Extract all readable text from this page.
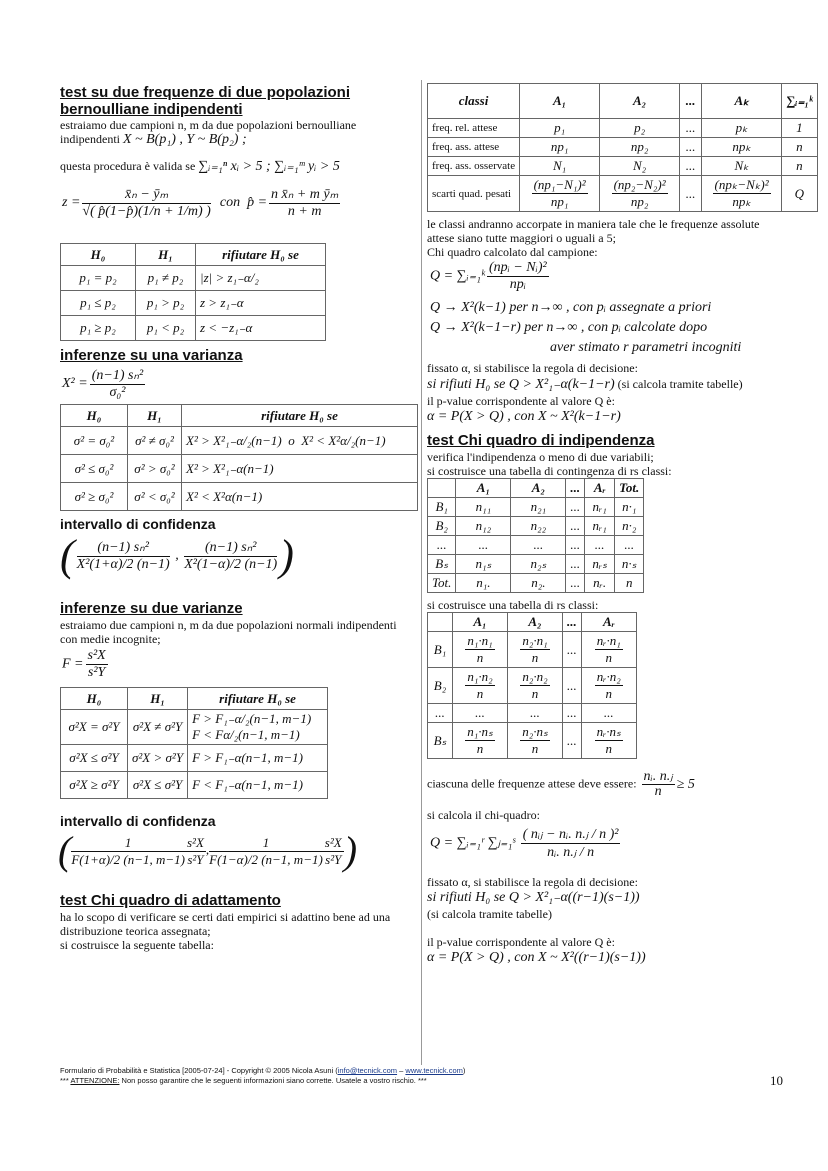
test su due frequenze di due popolazioni bernoulliane indipendenti
estraiamo due campioni n, m da due popolazioni bernoulliane
indipendenti X ~ B(p₁) , Y ~ B(p₂) ;
questa procedura è valida se ∑ᵢ₌₁ⁿ xᵢ > 5 ; ∑ᵢ₌₁ᵐ yᵢ > 5
$z = \frac{\text{x̄ₙ − ȳₘ}}{√( p̂(1-p̂)(1/n + 1/m) )}$ con p̂ = $\frac{\text{n x̄ₙ + m ȳₘ}}{n + m}$
H₀	H₁	rifiutare H₀ se
p₁ = p₂	p₁ ≠ p₂	|z| > z₁₋α/₂
p₁ ≤ p₂	p₁ > p₂	z > z₁₋α
p₁ ≥ p₂	p₁ < p₂	z < −z₁₋α
inferenze su una varianza
$X^2 = \frac{\text{(n−1) sₙ²}}{\text{σ₀²}}$
H₀	H₁	rifiutare H₀ se
σ² = σ₀²	σ² ≠ σ₀²	X² > X²₁₋α/₂(n−1)  o  X² < X²α/₂(n−1)
σ² ≤ σ₀²	σ² > σ₀²	X² > X²₁₋α(n−1)
σ² ≥ σ₀²	σ² < σ₀²	X² < X²α(n−1)
intervallo di confidenza
( $\frac{\text{(n−1) sₙ²}}{\text{X²(1+α)/2 (n−1)}}$ , $\frac{\text{(n−1) sₙ²}}{\text{X²(1−α)/2 (n−1)}}$ )
inferenze su due varianze
estraiamo due campioni n, m da due popolazioni normali indipendenti
con medie incognite;
$F = \frac{\text{s²X}}{\text{s²Y}}$
H₀	H₁	rifiutare H₀ se
σ²X = σ²Y	σ²X ≠ σ²Y	F > F₁₋α/₂(n−1, m−1)
F < Fα/₂(n−1, m−1)
σ²X ≤ σ²Y	σ²X > σ²Y	F > F₁₋α(n−1, m−1)
σ²X ≥ σ²Y	σ²X ≤ σ²Y	F < F₁₋α(n−1, m−1)
intervallo di confidenza
( $\frac{1}{F(1+\alpha)/2 (n-1, m-1)} \frac{\text{s²X}}{\text{s²Y}}$ , $\frac{1}{F(1-\alpha)/2 (n-1, m-1)} \frac{\text{s²X}}{\text{s²Y}}$ )
test Chi quadro di adattamento
ha lo scopo di verificare se certi dati empirici si adattino bene ad una
distribuzione teorica assegnata;
si costruisce la seguente tabella:
classi	A₁	A₂	...	Aₖ	∑ᵢ₌₁ᵏ
freq. rel. attese	p₁	p₂	...	pₖ	1
freq. ass. attese	np₁	np₂	...	npₖ	n
freq. ass. osservate	N₁	N₂	...	Nₖ	n
scarti quad. pesati	$\frac{\text{(np₁−N₁)²}}{\text{np₁}}$	$\frac{\text{(np₂−N₂)²}}{\text{np₂}}$	...	$\frac{\text{(npₖ−Nₖ)²}}{\text{npₖ}}$	Q
le classi andranno accorpate in maniera tale che le frequenze assolute
attese siano tutte maggiori o uguali a 5;
Chi quadro calcolato dal campione:
Q = ∑ᵢ₌₁ᵏ $\frac{\text{(npᵢ − Nᵢ)²}}{\text{npᵢ}}$
Q → X²(k−1) per n→∞ , con pᵢ assegnate a priori
Q → X²(k−1−r) per n→∞ , con pᵢ calcolate dopo
aver stimato r parametri incogniti
fissato α, si stabilisce la regola di decisione:
si rifiuti H₀ se Q > X²₁₋α(k−1−r) (si calcola tramite tabelle)
il p-value corrispondente al valore Q è:
α = P(X > Q) , con X ~ X²(k−1−r)
test Chi quadro di indipendenza
verifica l'indipendenza o meno di due variabili;
si costruisce una tabella di contingenza di rs classi:
	A₁	A₂	...	Aᵣ	Tot.
B₁	n₁₁	n₂₁	...	nᵣ₁	n·₁
B₂	n₁₂	n₂₂	...	nᵣ₁	n·₂
...	...	...	...	...	...
Bₛ	n₁ₛ	n₂ₛ	...	nᵣₛ	n·ₛ
Tot.	n₁.	n₂.	...	nᵣ.	n
si costruisce una tabella di rs classi:
	A₁	A₂	...	Aᵣ
B₁	$\frac{\text{n₁·n₁}}{n}$	$\frac{\text{n₂·n₁}}{n}$	...	$\frac{\text{nᵣ·n₁}}{n}$

B₂	$\frac{\text{n₁·n₂}}{n}$	$\frac{\text{n₂·n₂}}{n}$	...	$\frac{\text{nᵣ·n₂}}{n}$

...	...	...	...	...
Bₛ	$\frac{\text{n₁·nₛ}}{n}$	$\frac{\text{n₂·nₛ}}{n}$	...	$\frac{\text{nᵣ·nₛ}}{n}$
ciascuna delle frequenze attese deve essere: $\frac{\text{nᵢ. n.ⱼ}}{n} \ge 5$
si calcola il chi-quadro:
Q = ∑ᵢ₌₁ʳ ∑ⱼ₌₁ˢ $\frac{\text{( nᵢⱼ − nᵢ. n.ⱼ / n )²}}{\text{nᵢ. n.ⱼ / n}}$
fissato α, si stabilisce la regola di decisione:
si rifiuti H₀ se Q > X²₁₋α((r−1)(s−1))
(si calcola tramite tabelle)
il p-value corrispondente al valore Q è:
α = P(X > Q) , con X ~ X²((r−1)(s−1))
Formulario di Probabilità e Statistica [2005-07-24] - Copyright © 2005 Nicola Asuni (info@tecnick.com – www.tecnick.com)
*** ATTENZIONE: Non posso garantire che le seguenti informazioni siano corrette. Usatele a vostro rischio. ***	10
